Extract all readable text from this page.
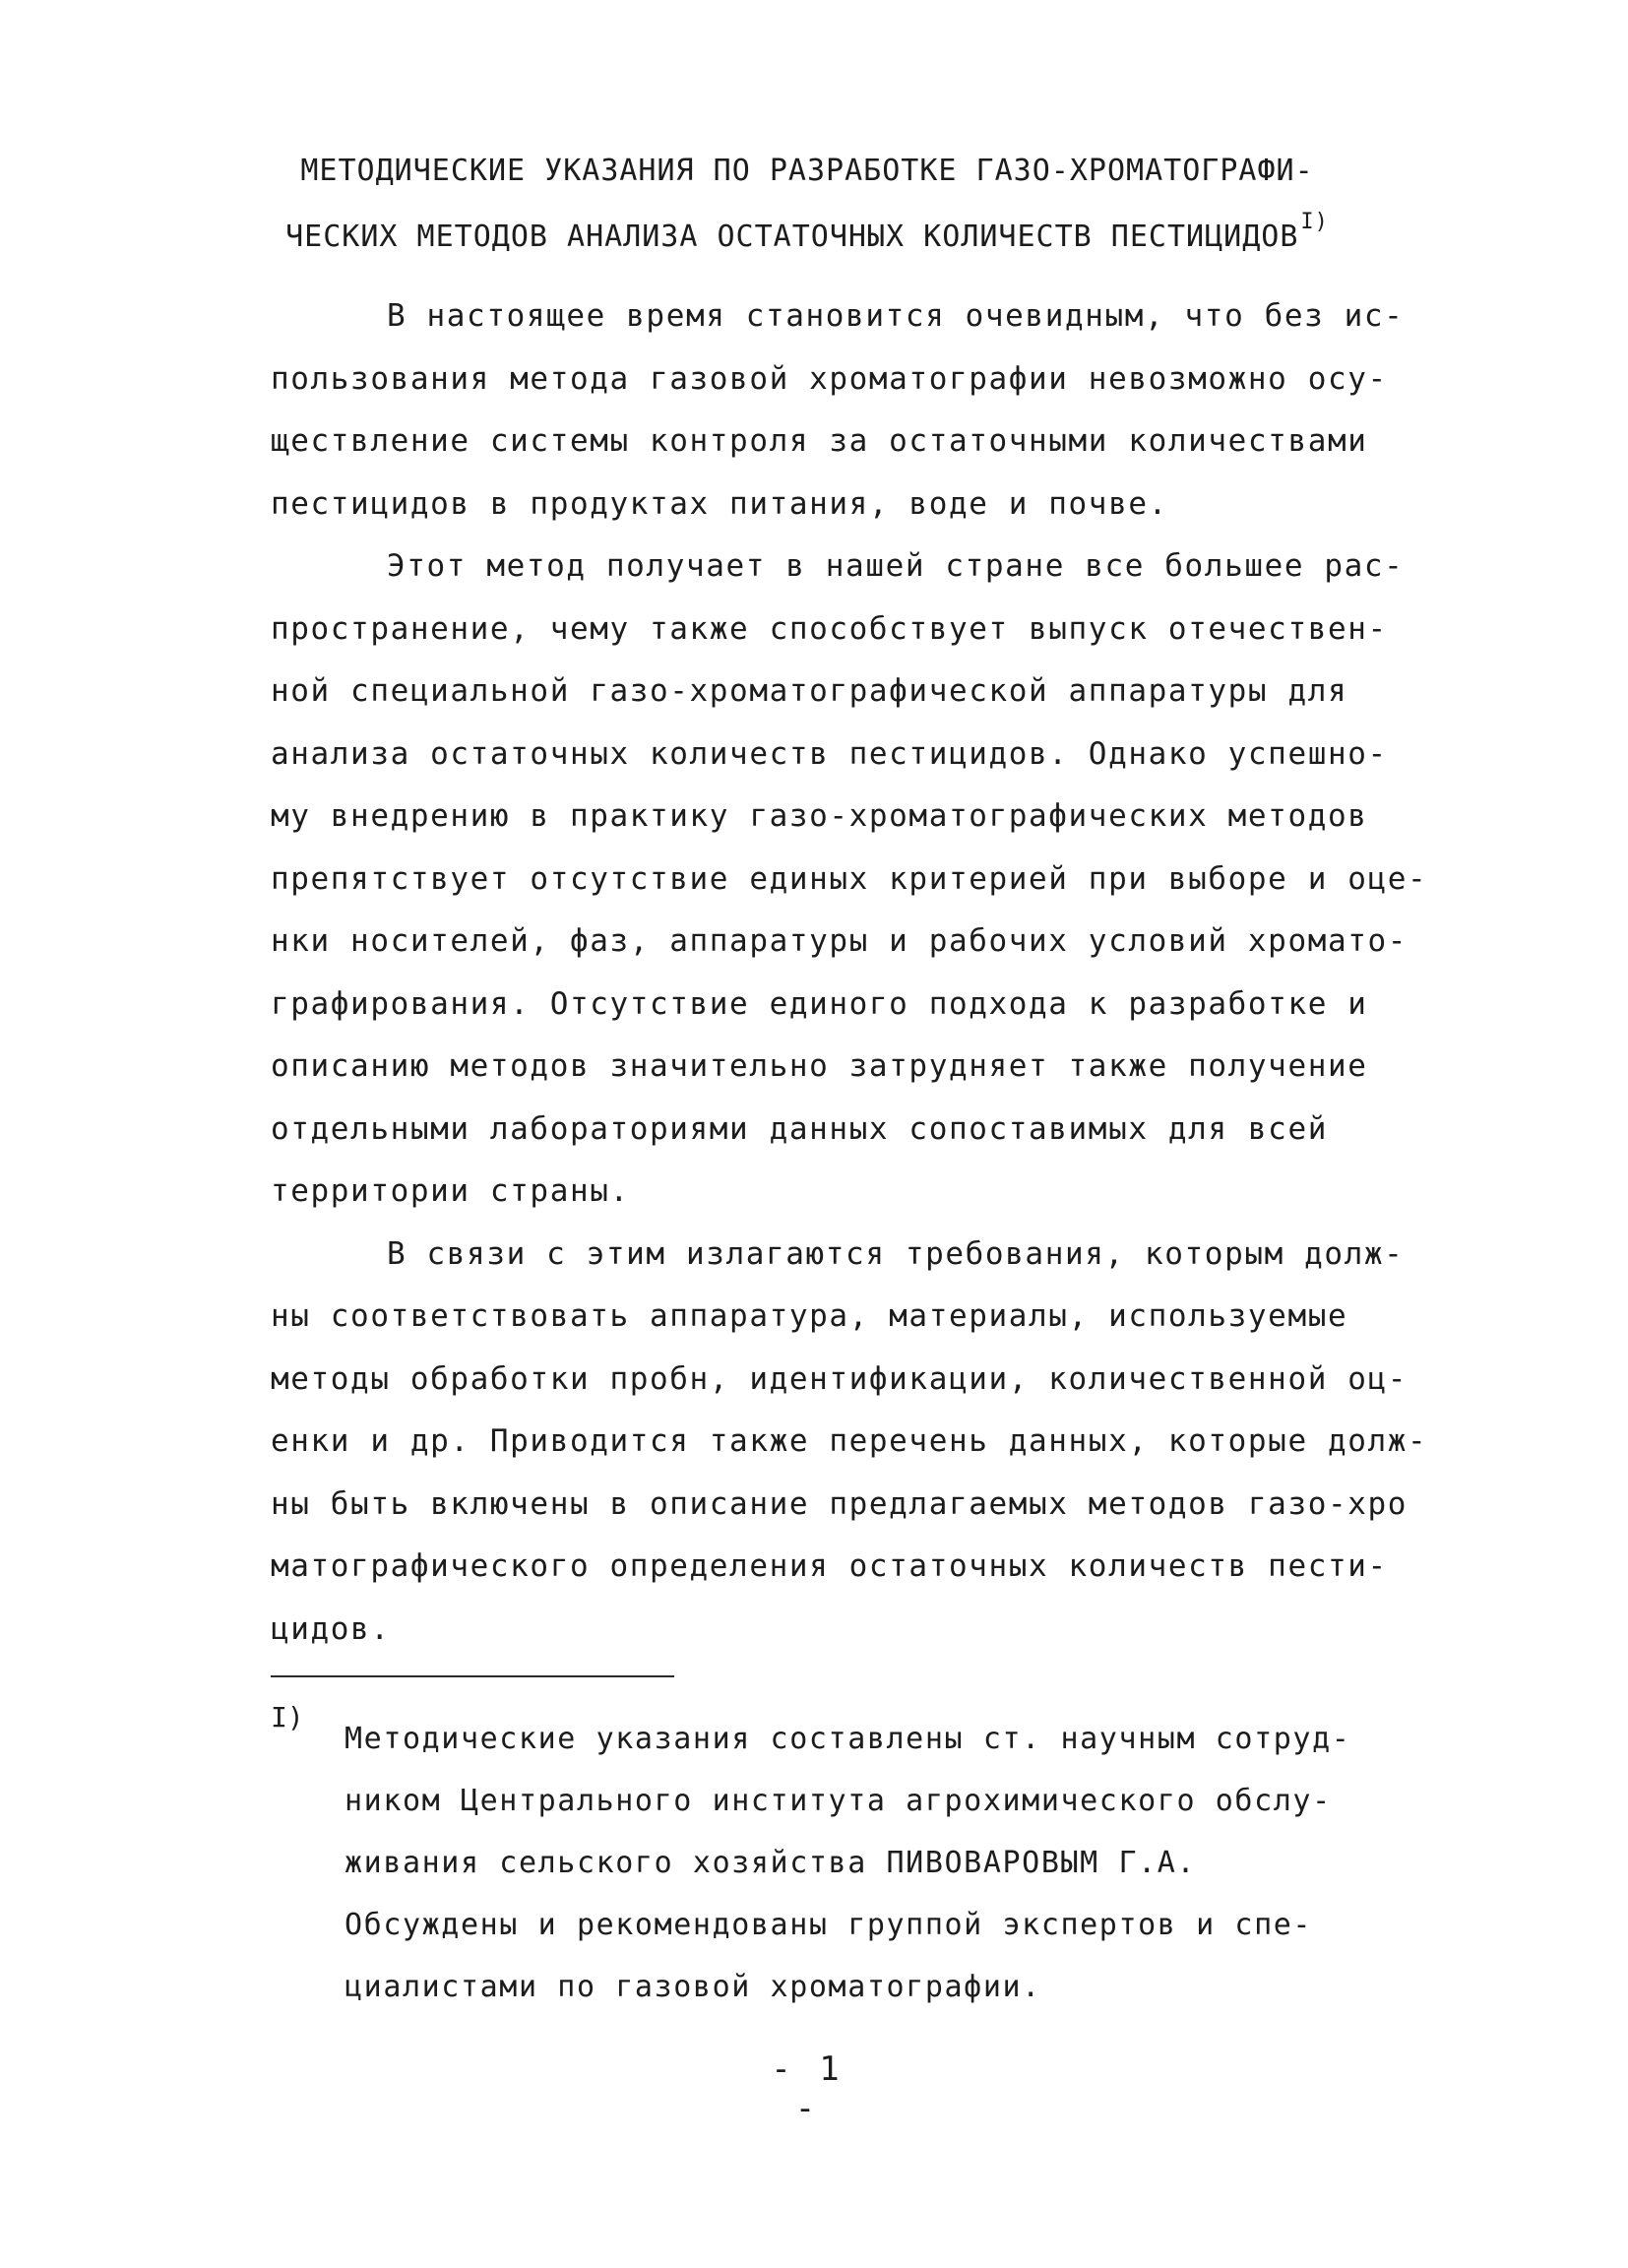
МЕТОДИЧЕСКИЕ УКАЗАНИЯ ПО РАЗРАБОТКЕ ГАЗО-ХРОМАТОГРАФИ-
ЧЕСКИХ МЕТОДОВ АНАЛИЗА ОСТАТОЧНЫХ КОЛИЧЕСТВ $ПЕСТИЦИДОВ^{I)}$
В настоящее время становится очевидным, что без ис-
пользования метода газовой хроматографии невозможно осу-
ществление системы контроля за остаточными количествами
пестицидов в продуктах питания, воде и почве.
Этот метод получает в нашей стране все большее рас-
пространение, чему также способствует выпуск отечествен-
ной специальной газо-хроматографической аппаратуры для
анализа остаточных количеств пестицидов. Однако успешно-
му внедрению в практику газо-хроматографических методов
препятствует отсутствие единых критерией при выборе и оце-
нки носителей, фаз, аппаратуры и рабочих условий хромато-
графирования. Отсутствие единого подхода к разработке и
описанию методов значительно затрудняет также получение
отдельными лабораториями данных сопоставимых для всей
территории страны.
В связи с этим излагаются требования, которым долж-
ны соответствовать аппаратура, материалы, используемые
методы обработки пробн, идентификации, количественной оц-
енки и др. Приводится также перечень данных, которые долж-
ны быть включены в описание предлагаемых методов газо-хро
матографического определения остаточных количеств пести-
цидов.
I)
Методические указания составлены ст. научным сотруд-
ником Центрального института агрохимического обслу-
живания сельского хозяйства ПИВОВАРОВЫМ Г.А.
Обсуждены и рекомендованы группой экспертов и спе-
циалистами по газовой хроматографии.
- 1 -
